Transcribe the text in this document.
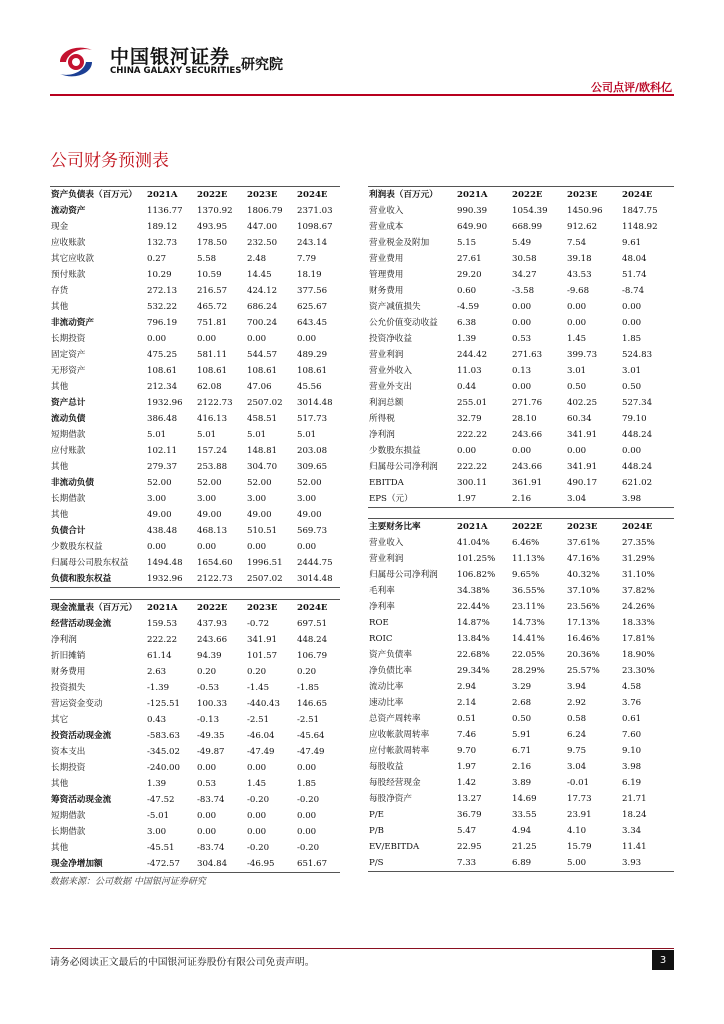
中国银河证券
CHINA GALAXY SECURITIES 研究院
公司点评/欧科亿
公司财务预测表
资产负债表（百万元）	2021A	2022E	2023E	2024E
流动资产	1136.77	1370.92	1806.79	2371.03
现金	189.12	493.95	447.00	1098.67
应收账款	132.73	178.50	232.50	243.14
其它应收款	0.27	5.58	2.48	7.79
预付账款	10.29	10.59	14.45	18.19
存货	272.13	216.57	424.12	377.56
其他	532.22	465.72	686.24	625.67
非流动资产	796.19	751.81	700.24	643.45
长期投资	0.00	0.00	0.00	0.00
固定资产	475.25	581.11	544.57	489.29
无形资产	108.61	108.61	108.61	108.61
其他	212.34	62.08	47.06	45.56
资产总计	1932.96	2122.73	2507.02	3014.48
流动负债	386.48	416.13	458.51	517.73
短期借款	5.01	5.01	5.01	5.01
应付账款	102.11	157.24	148.81	203.08
其他	279.37	253.88	304.70	309.65
非流动负债	52.00	52.00	52.00	52.00
长期借款	3.00	3.00	3.00	3.00
其他	49.00	49.00	49.00	49.00
负债合计	438.48	468.13	510.51	569.73
少数股东权益	0.00	0.00	0.00	0.00
归属母公司股东权益	1494.48	1654.60	1996.51	2444.75
负债和股东权益	1932.96	2122.73	2507.02	3014.48
现金流量表（百万元）	2021A	2022E	2023E	2024E
经营活动现金流	159.53	437.93	-0.72	697.51
净利润	222.22	243.66	341.91	448.24
折旧摊销	61.14	94.39	101.57	106.79
财务费用	2.63	0.20	0.20	0.20
投资损失	-1.39	-0.53	-1.45	-1.85
营运资金变动	-125.51	100.33	-440.43	146.65
其它	0.43	-0.13	-2.51	-2.51
投资活动现金流	-583.63	-49.35	-46.04	-45.64
资本支出	-345.02	-49.87	-47.49	-47.49
长期投资	-240.00	0.00	0.00	0.00
其他	1.39	0.53	1.45	1.85
筹资活动现金流	-47.52	-83.74	-0.20	-0.20
短期借款	-5.01	0.00	0.00	0.00
长期借款	3.00	0.00	0.00	0.00
其他	-45.51	-83.74	-0.20	-0.20
现金净增加额	-472.57	304.84	-46.95	651.67
利润表（百万元）	2021A	2022E	2023E	2024E
营业收入	990.39	1054.39	1450.96	1847.75
营业成本	649.90	668.99	912.62	1148.92
营业税金及附加	5.15	5.49	7.54	9.61
营业费用	27.61	30.58	39.18	48.04
管理费用	29.20	34.27	43.53	51.74
财务费用	0.60	-3.58	-9.68	-8.74
资产减值损失	-4.59	0.00	0.00	0.00
公允价值变动收益	6.38	0.00	0.00	0.00
投资净收益	1.39	0.53	1.45	1.85
营业利润	244.42	271.63	399.73	524.83
营业外收入	11.03	0.13	3.01	3.01
营业外支出	0.44	0.00	0.50	0.50
利润总额	255.01	271.76	402.25	527.34
所得税	32.79	28.10	60.34	79.10
净利润	222.22	243.66	341.91	448.24
少数股东损益	0.00	0.00	0.00	0.00
归属母公司净利润	222.22	243.66	341.91	448.24
EBITDA	300.11	361.91	490.17	621.02
EPS（元）	1.97	2.16	3.04	3.98
主要财务比率	2021A	2022E	2023E	2024E
营业收入	41.04%	6.46%	37.61%	27.35%
营业利润	101.25%	11.13%	47.16%	31.29%
归属母公司净利润	106.82%	9.65%	40.32%	31.10%
毛利率	34.38%	36.55%	37.10%	37.82%
净利率	22.44%	23.11%	23.56%	24.26%
ROE	14.87%	14.73%	17.13%	18.33%
ROIC	13.84%	14.41%	16.46%	17.81%
资产负债率	22.68%	22.05%	20.36%	18.90%
净负债比率	29.34%	28.29%	25.57%	23.30%
流动比率	2.94	3.29	3.94	4.58
速动比率	2.14	2.68	2.92	3.76
总资产周转率	0.51	0.50	0.58	0.61
应收帐款周转率	7.46	5.91	6.24	7.60
应付帐款周转率	9.70	6.71	9.75	9.10
每股收益	1.97	2.16	3.04	3.98
每股经营现金	1.42	3.89	-0.01	6.19
每股净资产	13.27	14.69	17.73	21.71
P/E	36.79	33.55	23.91	18.24
P/B	5.47	4.94	4.10	3.34
EV/EBITDA	22.95	21.25	15.79	11.41
P/S	7.33	6.89	5.00	3.93
数据来源：公司数据 中国银河证券研究
请务必阅读正文最后的中国银河证券股份有限公司免责声明。	3
